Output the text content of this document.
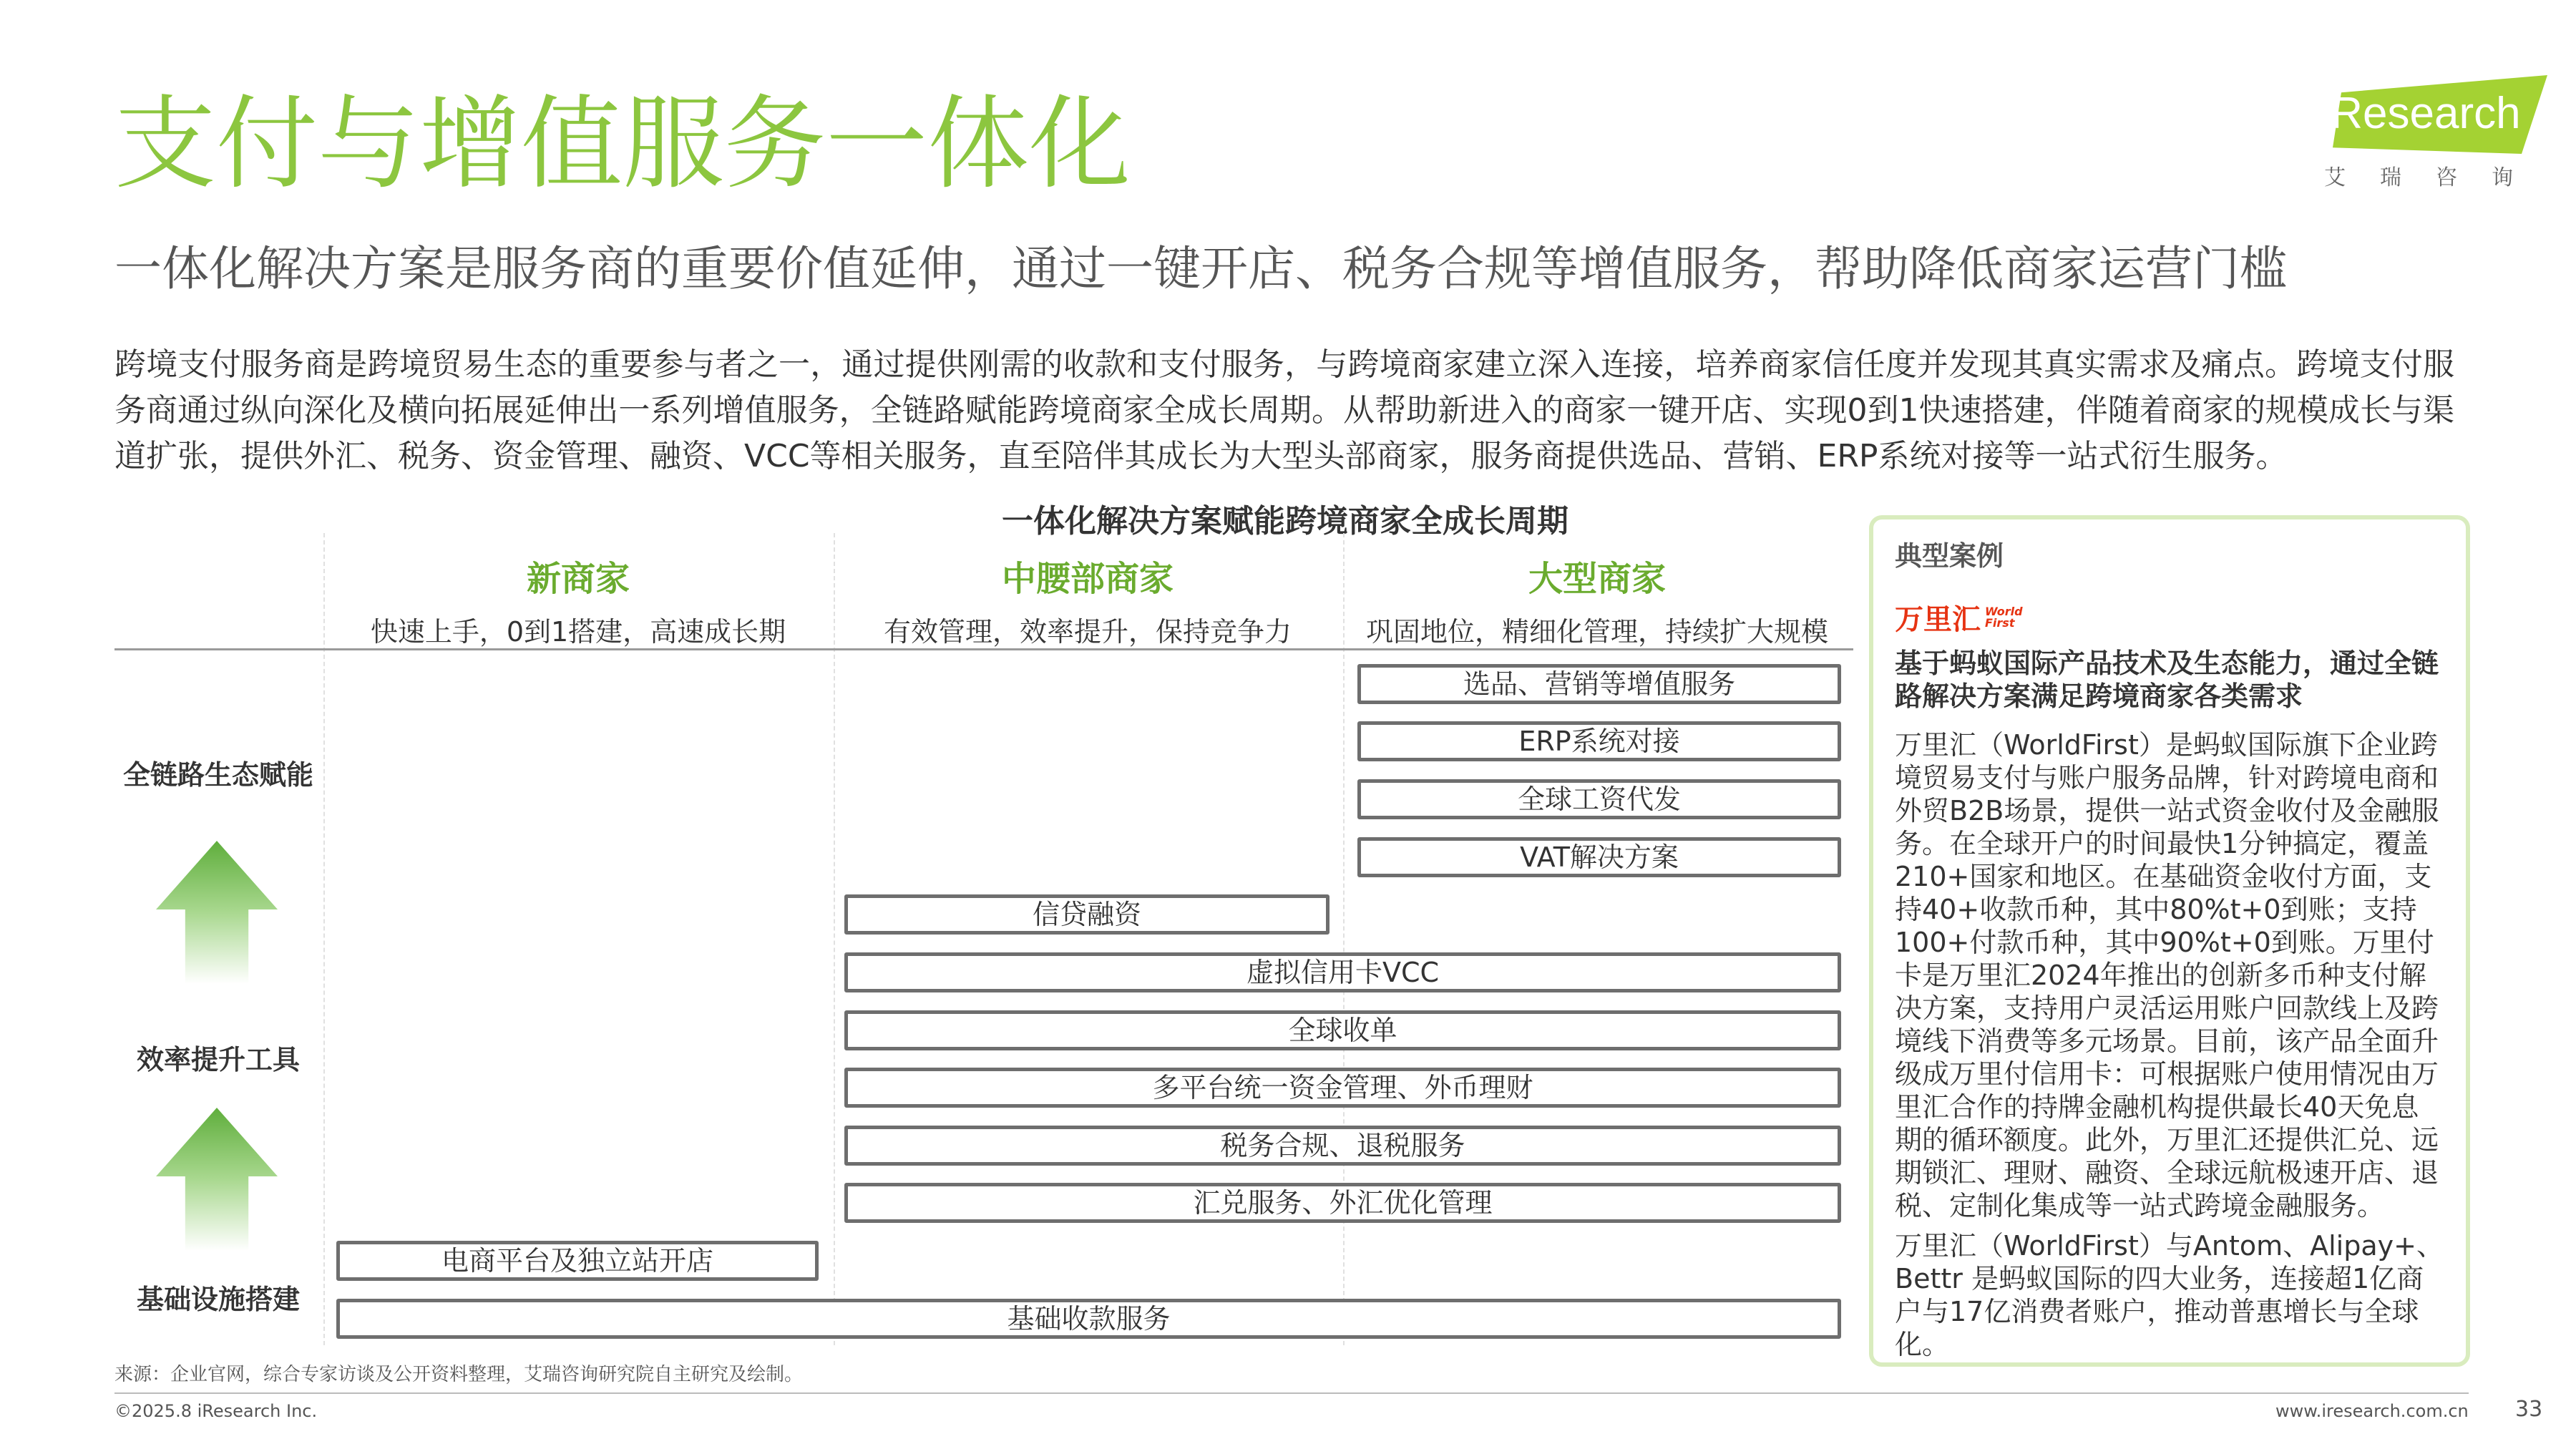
支付与增值服务一体化
一体化解决方案是服务商的重要价值延伸，通过一键开店、税务合规等增值服务，帮助降低商家运营门槛
iResearch
艾瑞咨询
跨境支付服务商是跨境贸易生态的重要参与者之一，通过提供刚需的收款和支付服务，与跨境商家建立深入连接，培养商家信任度并发现其真实需求及痛点。跨境支付服务商通过纵向深化及横向拓展延伸出一系列增值服务，全链路赋能跨境商家全成长周期。从帮助新进入的商家一键开店、实现0到1快速搭建，伴随着商家的规模成长与渠道扩张，提供外汇、税务、资金管理、融资、VCC等相关服务，直至陪伴其成长为大型头部商家，服务商提供选品、营销、ERP系统对接等一站式衍生服务。
一体化解决方案赋能跨境商家全成长周期
新商家	中腰部商家	大型商家
快速上手，0到1搭建，高速成长期	有效管理，效率提升，保持竞争力	巩固地位，精细化管理，持续扩大规模
全链路生态赋能
效率提升工具
基础设施搭建
选品、营销等增值服务
ERP系统对接
全球工资代发
VAT解决方案
信贷融资
虚拟信用卡VCC
全球收单
多平台统一资金管理、外币理财
税务合规、退税服务
汇兑服务、外汇优化管理
电商平台及独立站开店
基础收款服务
来源：企业官网，综合专家访谈及公开资料整理，艾瑞咨询研究院自主研究及绘制。
典型案例
万里汇 World
First
基于蚂蚁国际产品技术及生态能力，通过全链路解决方案满足跨境商家各类需求
万里汇（WorldFirst）是蚂蚁国际旗下企业跨境贸易支付与账户服务品牌，针对跨境电商和外贸B2B场景，提供一站式资金收付及金融服务。在全球开户的时间最快1分钟搞定，覆盖210+国家和地区。在基础资金收付方面，支持40+收款币种，其中80%t+0到账；支持100+付款币种，其中90%t+0到账。万里付卡是万里汇2024年推出的创新多币种支付解决方案，支持用户灵活运用账户回款线上及跨境线下消费等多元场景。目前，该产品全面升级成万里付信用卡：可根据账户使用情况由万里汇合作的持牌金融机构提供最长40天免息期的循环额度。此外，万里汇还提供汇兑、远期锁汇、理财、融资、全球远航极速开店、退税、定制化集成等一站式跨境金融服务。
万里汇（WorldFirst）与Antom、Alipay+、Bettr 是蚂蚁国际的四大业务，连接超1亿商户与17亿消费者账户，推动普惠增长与全球化。
©2025.8 iResearch Inc.	www.iresearch.com.cn 33
